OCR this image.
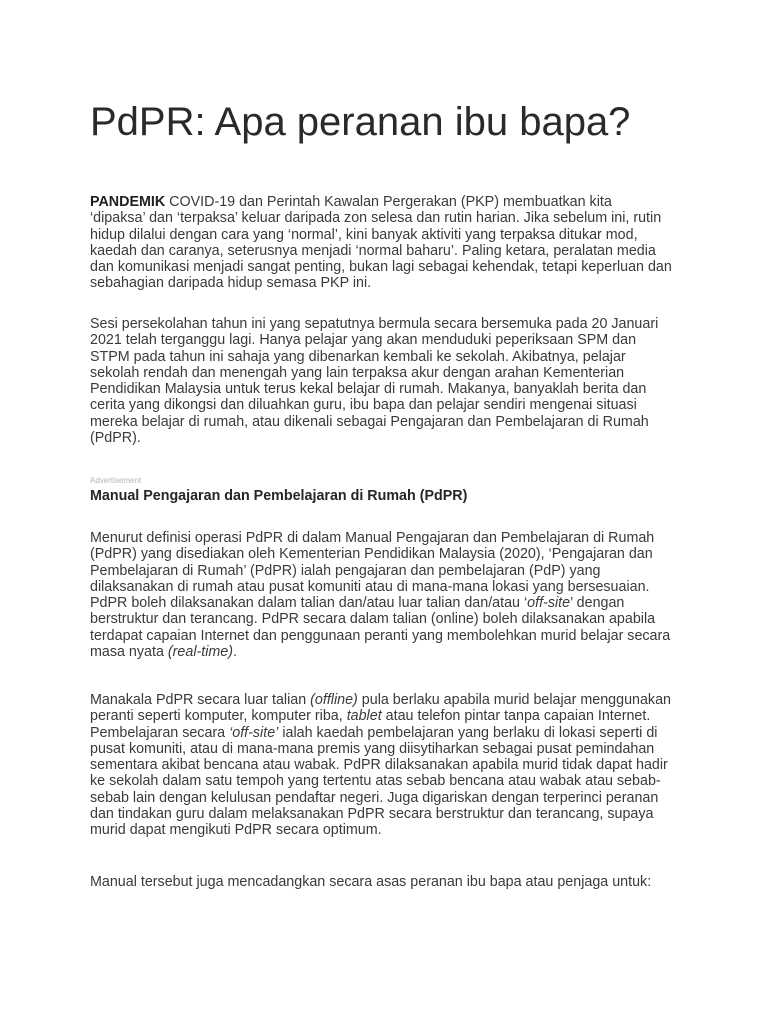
PdPR: Apa peranan ibu bapa?

PANDEMIK COVID-19 dan Perintah Kawalan Pergerakan (PKP) membuatkan kita
‘dipaksa’ dan ‘terpaksa’ keluar daripada zon selesa dan rutin harian. Jika sebelum ini, rutin
hidup dilalui dengan cara yang ‘normal’, kini banyak aktiviti yang terpaksa ditukar mod,
kaedah dan caranya, seterusnya menjadi ‘normal baharu’. Paling ketara, peralatan media
dan komunikasi menjadi sangat penting, bukan lagi sebagai kehendak, tetapi keperluan dan
sebahagian daripada hidup semasa PKP ini.

Sesi persekolahan tahun ini yang sepatutnya bermula secara bersemuka pada 20 Januari
2021 telah terganggu lagi. Hanya pelajar yang akan menduduki peperiksaan SPM dan
STPM pada tahun ini sahaja yang dibenarkan kembali ke sekolah. Akibatnya, pelajar
sekolah rendah dan menengah yang lain terpaksa akur dengan arahan Kementerian
Pendidikan Malaysia untuk terus kekal belajar di rumah. Makanya, banyaklah berita dan
cerita yang dikongsi dan diluahkan guru, ibu bapa dan pelajar sendiri mengenai situasi
mereka belajar di rumah, atau dikenali sebagai Pengajaran dan Pembelajaran di Rumah
(PdPR).

Advertisement
Manual Pengajaran dan Pembelajaran di Rumah (PdPR)

Menurut definisi operasi PdPR di dalam Manual Pengajaran dan Pembelajaran di Rumah
(PdPR) yang disediakan oleh Kementerian Pendidikan Malaysia (2020), ‘Pengajaran dan
Pembelajaran di Rumah’ (PdPR) ialah pengajaran dan pembelajaran (PdP) yang
dilaksanakan di rumah atau pusat komuniti atau di mana-mana lokasi yang bersesuaian.
PdPR boleh dilaksanakan dalam talian dan/atau luar talian dan/atau ‘off-site’ dengan
berstruktur dan terancang. PdPR secara dalam talian (online) boleh dilaksanakan apabila
terdapat capaian Internet dan penggunaan peranti yang membolehkan murid belajar secara
masa nyata (real-time).

Manakala PdPR secara luar talian (offline) pula berlaku apabila murid belajar menggunakan
peranti seperti komputer, komputer riba, tablet atau telefon pintar tanpa capaian Internet.
Pembelajaran secara ‘off-site’ ialah kaedah pembelajaran yang berlaku di lokasi seperti di
pusat komuniti, atau di mana-mana premis yang diisytiharkan sebagai pusat pemindahan
sementara akibat bencana atau wabak. PdPR dilaksanakan apabila murid tidak dapat hadir
ke sekolah dalam satu tempoh yang tertentu atas sebab bencana atau wabak atau sebab-
sebab lain dengan kelulusan pendaftar negeri. Juga digariskan dengan terperinci peranan
dan tindakan guru dalam melaksanakan PdPR secara berstruktur dan terancang, supaya
murid dapat mengikuti PdPR secara optimum.

Manual tersebut juga mencadangkan secara asas peranan ibu bapa atau penjaga untuk:
